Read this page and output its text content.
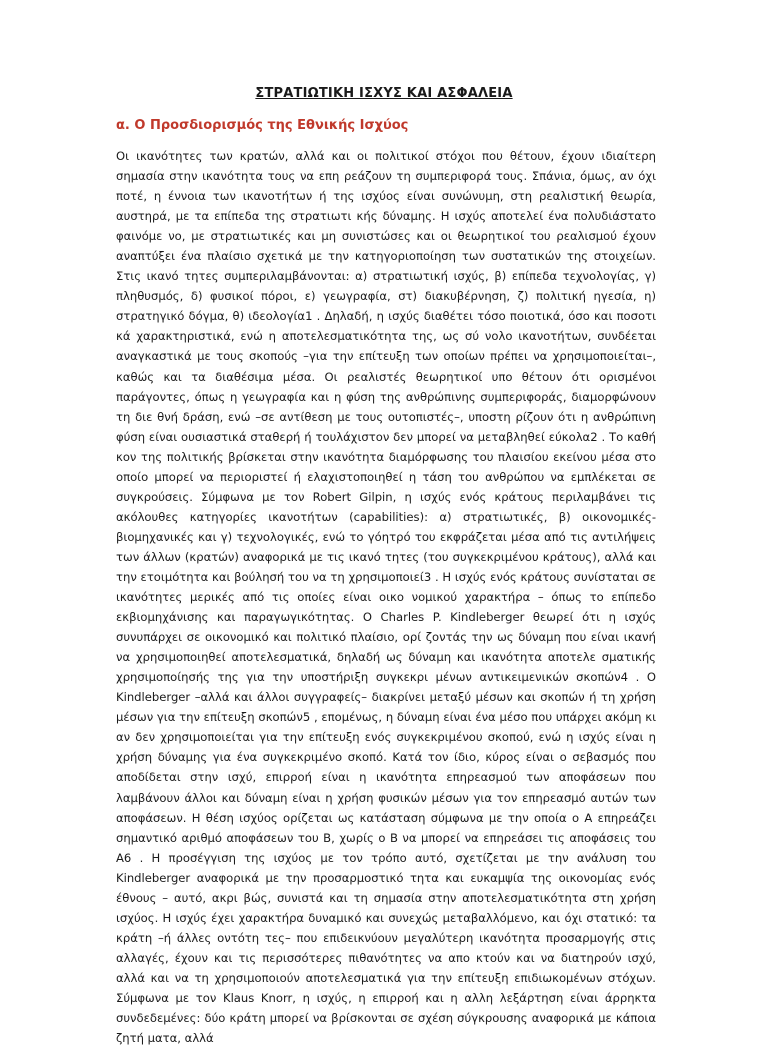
ΣΤΡΑΤΙΩΤΙΚΗ ΙΣΧΥΣ ΚΑΙ ΑΣΦΑΛΕΙΑ
α. Ο Προσδιορισμός της Εθνικής Ισχύος

Οι ικανότητες των κρατών, αλλά και οι πολιτικοί στόχοι που θέτουν, έχουν ιδιαίτερη σημασία στην ικανότητα τους να επη ρεάζουν τη συμπεριφορά τους. Σπάνια, όμως, αν όχι ποτέ, η έννοια των ικανοτήτων ή της ισχύος είναι συνώνυμη, στη ρεαλιστική θεωρία, αυστηρά, με τα επίπεδα της στρατιωτι κής δύναμης. Η ισχύς αποτελεί ένα πολυδιάστατο φαινόμε νο, με στρατιωτικές και μη συνιστώσες και οι θεωρητικοί του ρεαλισμού έχουν αναπτύξει ένα πλαίσιο σχετικά με την κατηγοριοποίηση των συστατικών της στοιχείων. Στις ικανό τητες συμπεριλαμβάνονται: α) στρατιωτική ισχύς, β) επίπεδα τεχνολογίας, γ) πληθυσμός, δ) φυσικοί πόροι, ε) γεωγραφία, στ) διακυβέρνηση, ζ) πολιτική ηγεσία, η) στρατηγικό δόγμα, θ) ιδεολογία1 . Δηλαδή, η ισχύς διαθέτει τόσο ποιοτικά, όσο και ποσοτι κά χαρακτηριστικά, ενώ η αποτελεσματικότητα της, ως σύ νολο ικανοτήτων, συνδέεται αναγκαστικά με τους σκοπούς –για την επίτευξη των οποίων πρέπει να χρησιμοποιείται–, καθώς και τα διαθέσιμα μέσα. Οι ρεαλιστές θεωρητικοί υπο θέτουν ότι ορισμένοι παράγοντες, όπως η γεωγραφία και η φύση της ανθρώπινης συμπεριφοράς, διαμορφώνουν τη διε θνή δράση, ενώ –σε αντίθεση με τους ουτοπιστές–, υποστη ρίζουν ότι η ανθρώπινη φύση είναι ουσιαστικά σταθερή ή τουλάχιστον δεν μπορεί να μεταβληθεί εύκολα2 . Το καθή κον της πολιτικής βρίσκεται στην ικανότητα διαμόρφωσης του πλαισίου εκείνου μέσα στο οποίο μπορεί να περιοριστεί ή ελαχιστοποιηθεί η τάση του ανθρώπου να εμπλέκεται σε συγκρούσεις. Σύμφωνα με τον Robert Gilpin, η ισχύς ενός κράτους περιλαμβάνει τις ακόλουθες κατηγορίες ικανοτήτων (capabilities): α) στρατιωτικές, β) οικονομικές-βιομηχανικές και γ) τεχνολογικές, ενώ το γόητρό του εκφράζεται μέσα από τις αντιλήψεις των άλλων (κρατών) αναφορικά με τις ικανό τητες (του συγκεκριμένου κράτους), αλλά και την ετοιμότητα και βούλησή του να τη χρησιμοποιεί3 . Η ισχύς ενός κράτους συνίσταται σε ικανότητες μερικές από τις οποίες είναι οικο νομικού χαρακτήρα – όπως το επίπεδο εκβιομηχάνισης και παραγωγικότητας. Ο Charles P. Kindleberger θεωρεί ότι η ισχύς συνυπάρχει σε οικονομικό και πολιτικό πλαίσιο, ορί ζοντάς την ως δύναμη που είναι ικανή να χρησιμοποιηθεί αποτελεσματικά, δηλαδή ως δύναμη και ικανότητα αποτελε σματικής χρησιμοποίησής της για την υποστήριξη συγκεκρι μένων αντικειμενικών σκοπών4 . Ο Kindleberger –αλλά και άλλοι συγγραφείς– διακρίνει μεταξύ μέσων και σκοπών ή τη χρήση μέσων για την επίτευξη σκοπών5 , επομένως, η δύναμη είναι ένα μέσο που υπάρχει ακόμη κι αν δεν χρησιμοποιείται για την επίτευξη ενός συγκεκριμένου σκοπού, ενώ η ισχύς είναι η χρήση δύναμης για ένα συγκεκριμένο σκοπό. Κατά τον ίδιο, κύρος είναι ο σεβασμός που αποδίδεται στην ισχύ, επιρροή είναι η ικανότητα επηρεασμού των αποφάσεων που λαμβάνουν άλλοι και δύναμη είναι η χρήση φυσικών μέσων για τον επηρεασμό αυτών των αποφάσεων. Η θέση ισχύος ορίζεται ως κατάσταση σύμφωνα με την οποία ο Α επηρεάζει σημαντικό αριθμό αποφάσεων του Β, χωρίς ο Β να μπορεί να επηρεάσει τις αποφάσεις του Α6 . Η προσέγγιση της ισχύος με τον τρόπο αυτό, σχετίζεται με την ανάλυση του Kindleberger αναφορικά με την προσαρμοστικό τητα και ευκαμψία της οικονομίας ενός έθνους – αυτό, ακρι βώς, συνιστά και τη σημασία στην αποτελεσματικότητα στη χρήση ισχύος. Η ισχύς έχει χαρακτήρα δυναμικό και συνεχώς μεταβαλλόμενο, και όχι στατικό: τα κράτη –ή άλλες οντότη τες– που επιδεικνύουν μεγαλύτερη ικανότητα προσαρμογής στις αλλαγές, έχουν και τις περισσότερες πιθανότητες να απο κτούν και να διατηρούν ισχύ, αλλά και να τη χρησιμοποιούν αποτελεσματικά για την επίτευξη επιδιωκομένων στόχων. Σύμφωνα με τον Klaus Knorr, η ισχύς, η επιρροή και η αλλη λεξάρτηση είναι άρρηκτα συνδεδεμένες: δύο κράτη μπορεί να βρίσκονται σε σχέση σύγκρουσης αναφορικά με κάποια ζητή ματα, αλλά
